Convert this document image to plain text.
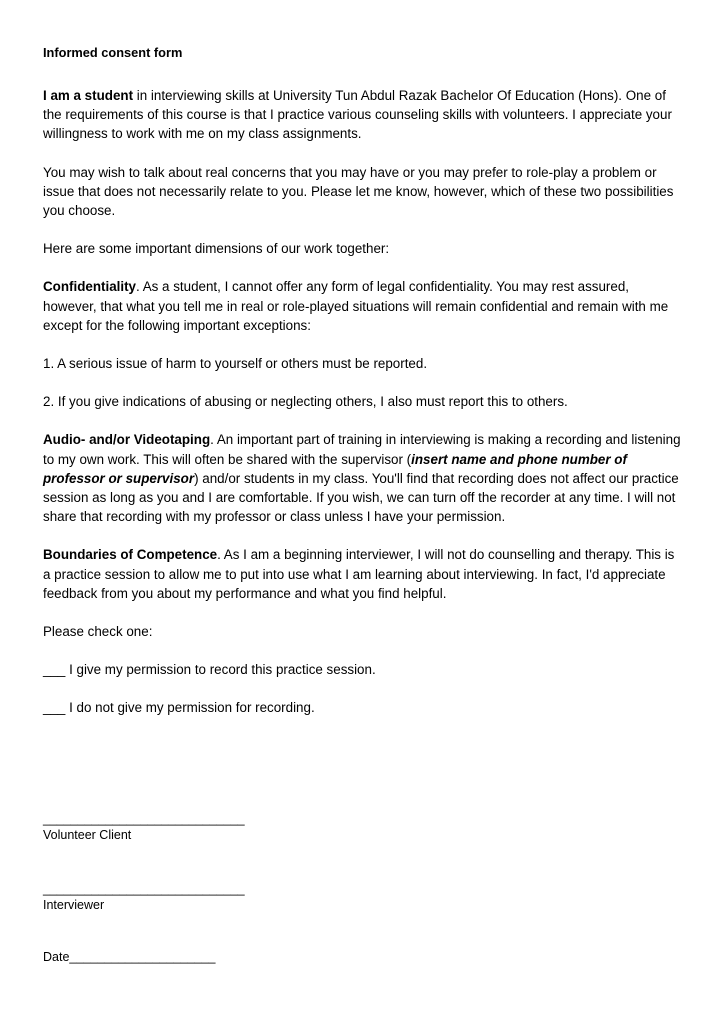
Informed consent form

I am a student in interviewing skills at University Tun Abdul Razak Bachelor Of Education (Hons). One of the requirements of this course is that I practice various counseling skills with volunteers. I appreciate your willingness to work with me on my class assignments.

You may wish to talk about real concerns that you may have or you may prefer to role-play a problem or issue that does not necessarily relate to you. Please let me know, however, which of these two possibilities you choose.

Here are some important dimensions of our work together:

Confidentiality. As a student, I cannot offer any form of legal confidentiality. You may rest assured, however, that what you tell me in real or role-played situations will remain confidential and remain with me except for the following important exceptions:

1. A serious issue of harm to yourself or others must be reported.

2. If you give indications of abusing or neglecting others, I also must report this to others.

Audio- and/or Videotaping. An important part of training in interviewing is making a recording and listening to my own work. This will often be shared with the supervisor (insert name and phone number of professor or supervisor) and/or students in my class. You'll find that recording does not affect our practice session as long as you and I are comfortable. If you wish, we can turn off the recorder at any time. I will not share that recording with my professor or class unless I have your permission.

Boundaries of Competence. As I am a beginning interviewer, I will not do counselling and therapy. This is a practice session to allow me to put into use what I am learning about interviewing. In fact, I'd appreciate feedback from you about my performance and what you find helpful.

Please check one:

___ I give my permission to record this practice session.
___ I do not give my permission for recording.
_____________________________
Volunteer Client
_____________________________
Interviewer
Date_____________________
